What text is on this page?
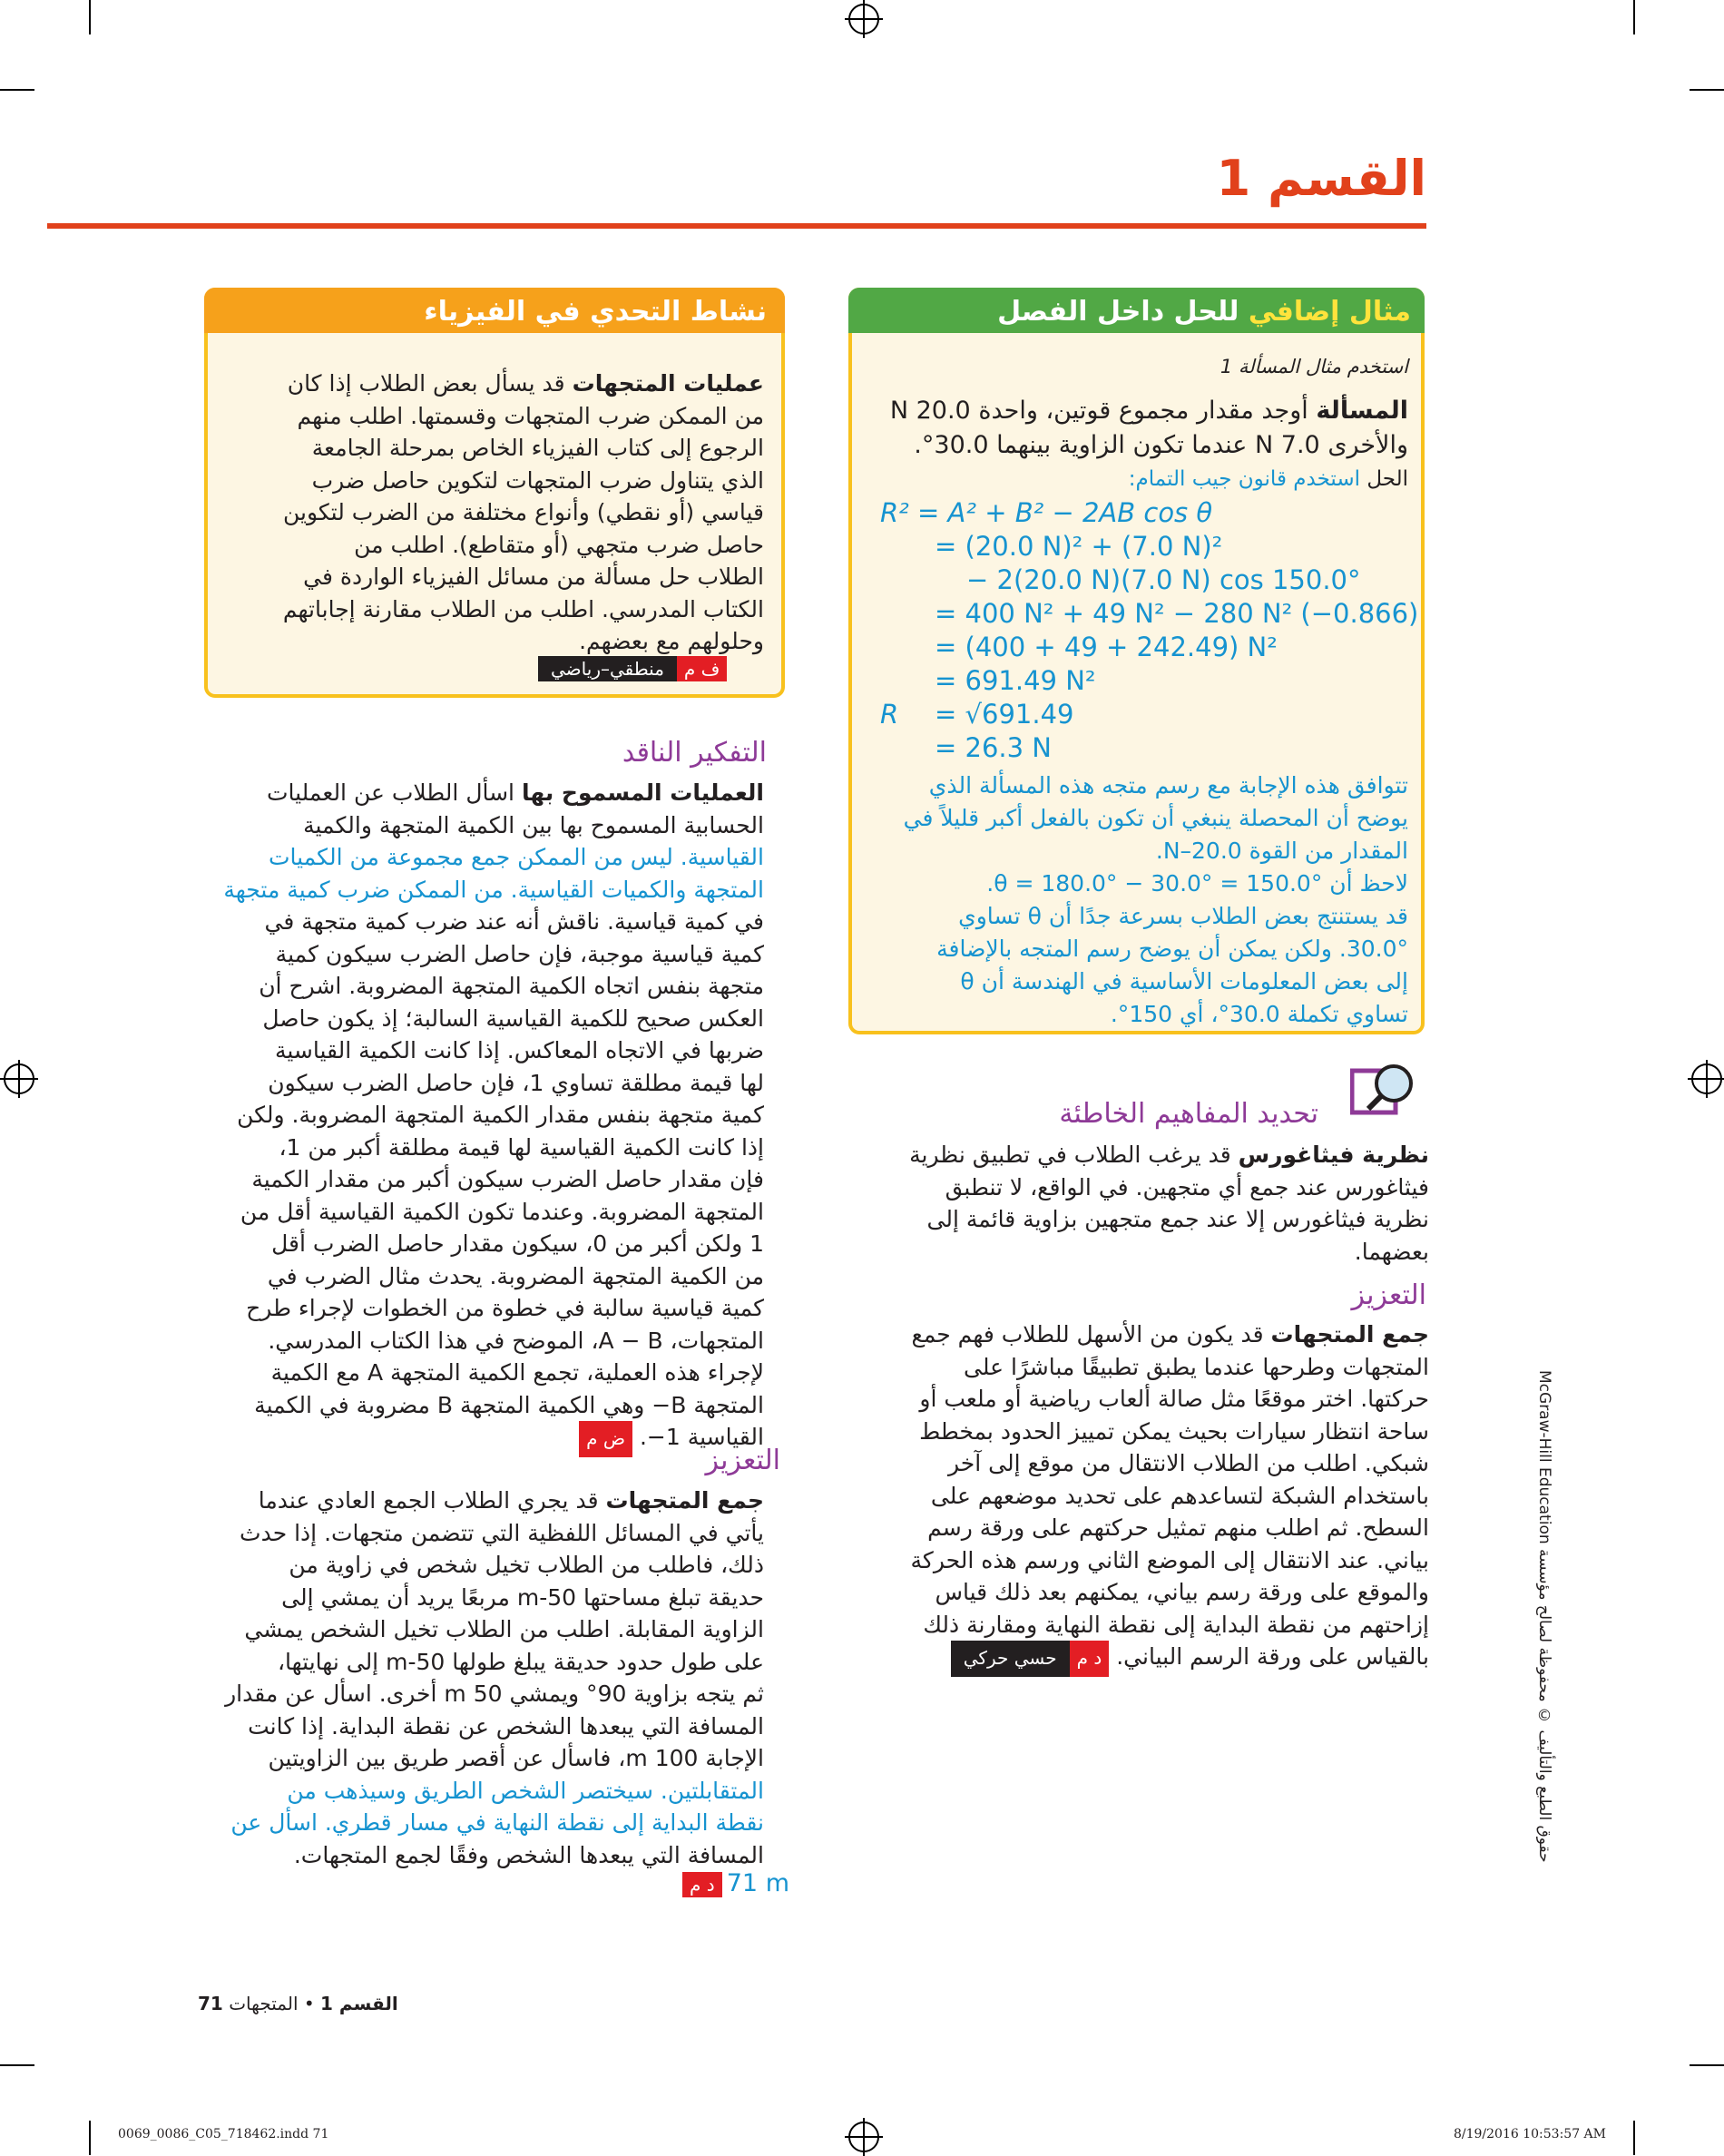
القسم 1
مثال إضافي للحل داخل الفصل
استخدم مثال المسألة 1
المسألة أوجد مقدار مجموع قوتين، واحدة 20.0 N
والأخرى 7.0 N عندما تكون الزاوية بينهما 30.0°.
الحل استخدم قانون جيب التمام:
R² = A² + B² − 2AB cos θ
= (20.0 N)² + (7.0 N)²
− 2(20.0 N)(7.0 N) cos 150.0°
= 400 N² + 49 N² − 280 N² (−0.866)
= (400 + 49 + 242.49) N²
= 691.49 N²
R = √691.49
= 26.3 N
تتوافق هذه الإجابة مع رسم متجه هذه المسألة الذي
يوضح أن المحصلة ينبغي أن تكون بالفعل أكبر قليلاً في
المقدار من القوة N–20.0.
لاحظ أن θ = 180.0° − 30.0° = 150.0°.
قد يستنتج بعض الطلاب بسرعة جدًا أن θ تساوي
30.0°. ولكن يمكن أن يوضح رسم المتجه بالإضافة
إلى بعض المعلومات الأساسية في الهندسة أن θ
تساوي تكملة 30.0°، أي 150°.
نشاط التحدي في الفيزياء
عمليات المتجهات قد يسأل بعض الطلاب إذا كان
من الممكن ضرب المتجهات وقسمتها. اطلب منهم
الرجوع إلى كتاب الفيزياء الخاص بمرحلة الجامعة
الذي يتناول ضرب المتجهات لتكوين حاصل ضرب
قياسي (أو نقطي) وأنواع مختلفة من الضرب لتكوين
حاصل ضرب متجهي (أو متقاطع). اطلب من
الطلاب حل مسألة من مسائل الفيزياء الواردة في
الكتاب المدرسي. اطلب من الطلاب مقارنة إجاباتهم
وحلولهم مع بعضهم.
ف ممنطقي–رياضي
التفكير الناقد
العمليات المسموح بها اسأل الطلاب عن العمليات
الحسابية المسموح بها بين الكمية المتجهة والكمية
القياسية. ليس من الممكن جمع مجموعة من الكميات
المتجهة والكميات القياسية. من الممكن ضرب كمية متجهة
في كمية قياسية. ناقش أنه عند ضرب كمية متجهة في
كمية قياسية موجبة، فإن حاصل الضرب سيكون كمية
متجهة بنفس اتجاه الكمية المتجهة المضروبة. اشرح أن
العكس صحيح للكمية القياسية السالبة؛ إذ يكون حاصل
ضربها في الاتجاه المعاكس. إذا كانت الكمية القياسية
لها قيمة مطلقة تساوي 1، فإن حاصل الضرب سيكون
كمية متجهة بنفس مقدار الكمية المتجهة المضروبة. ولكن
إذا كانت الكمية القياسية لها قيمة مطلقة أكبر من 1،
فإن مقدار حاصل الضرب سيكون أكبر من مقدار الكمية
المتجهة المضروبة. وعندما تكون الكمية القياسية أقل من
1 ولكن أكبر من 0، سيكون مقدار حاصل الضرب أقل
من الكمية المتجهة المضروبة. يحدث مثال الضرب في
كمية قياسية سالبة في خطوة من الخطوات لإجراء طرح
المتجهات، A − B، الموضح في هذا الكتاب المدرسي.
لإجراء هذه العملية، تجمع الكمية المتجهة A مع الكمية
المتجهة B− وهي الكمية المتجهة B مضروبة في الكمية
القياسية 1−. ض م
التعزيز
جمع المتجهات قد يجري الطلاب الجمع العادي عندما
يأتي في المسائل اللفظية التي تتضمن متجهات. إذا حدث
ذلك، فاطلب من الطلاب تخيل شخص في زاوية من
حديقة تبلغ مساحتها 50-m مربعًا يريد أن يمشي إلى
الزاوية المقابلة. اطلب من الطلاب تخيل الشخص يمشي
على طول حدود حديقة يبلغ طولها 50-m إلى نهايتها،
ثم يتجه بزاوية 90° ويمشي 50 m أخرى. اسأل عن مقدار
المسافة التي يبعدها الشخص عن نقطة البداية. إذا كانت
الإجابة 100 m، فاسأل عن أقصر طريق بين الزاويتين
المتقابلتين. سيختصر الشخص الطريق وسيذهب من
نقطة البداية إلى نقطة النهاية في مسار قطري. اسأل عن
المسافة التي يبعدها الشخص وفقًا لجمع المتجهات.
د م 71 m
تحديد المفاهيم الخاطئة
نظرية فيثاغورس قد يرغب الطلاب في تطبيق نظرية
فيثاغورس عند جمع أي متجهين. في الواقع، لا تنطبق
نظرية فيثاغورس إلا عند جمع متجهين بزاوية قائمة إلى
بعضهما.
التعزيز
جمع المتجهات قد يكون من الأسهل للطلاب فهم جمع
المتجهات وطرحها عندما يطبق تطبيقًا مباشرًا على
حركتها. اختر موقعًا مثل صالة ألعاب رياضية أو ملعب أو
ساحة انتظار سيارات بحيث يمكن تمييز الحدود بمخطط
شبكي. اطلب من الطلاب الانتقال من موقع إلى آخر
باستخدام الشبكة لتساعدهم على تحديد موضعهم على
السطح. ثم اطلب منهم تمثيل حركتهم على ورقة رسم
بياني. عند الانتقال إلى الموضع الثاني ورسم هذه الحركة
والموقع على ورقة رسم بياني، يمكنهم بعد ذلك قياس
إزاحتهم من نقطة البداية إلى نقطة النهاية ومقارنة ذلك
بالقياس على ورقة الرسم البياني. د محسي حركي
حقوق الطبع والتأليف © محفوظة لصالح مؤسسة McGraw-Hill Education
القسم 1 • المتجهات 71
0069_0086_C05_718462.indd 71	8/19/2016 10:53:57 AM
